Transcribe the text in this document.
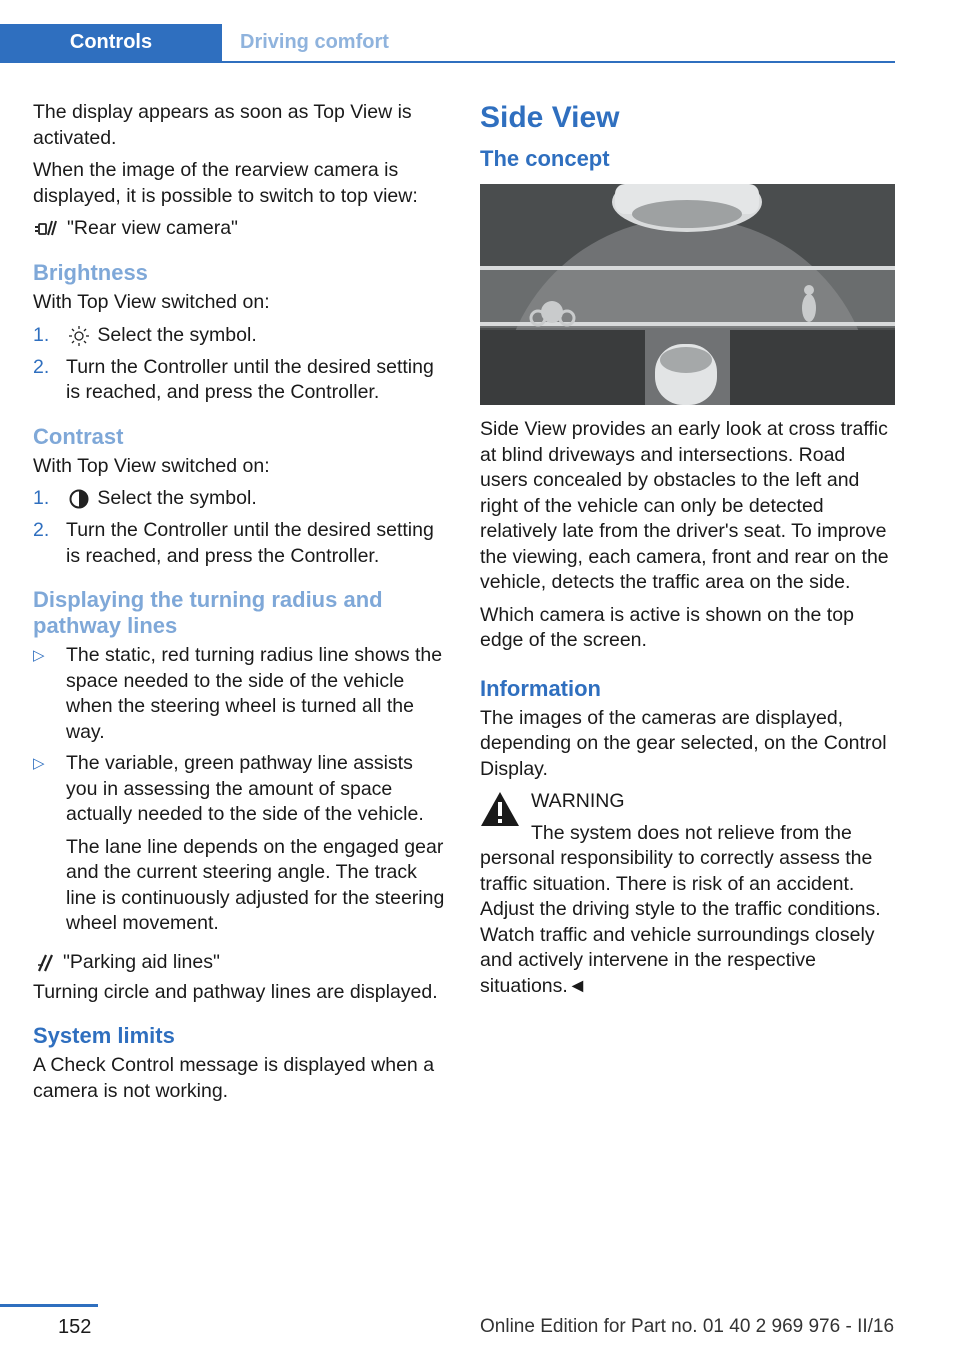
Controls	Driving comfort

The display appears as soon as Top View is activated.

When the image of the rearview camera is displayed, it is possible to switch to top view:

"Rear view camera"
Brightness

With Top View switched on:

1.	Select the symbol.
2. Turn the Controller until the desired setting is reached, and press the Controller.
Contrast

With Top View switched on:

1.	Select the symbol.
2. Turn the Controller until the desired setting is reached, and press the Controller.
Displaying the turning radius and pathway lines
▷	The static, red turning radius line shows the space needed to the side of the vehicle when the steering wheel is turned all the way.
▷	The variable, green pathway line assists you in assessing the amount of space actually needed to the side of the vehicle.

The lane line depends on the engaged gear and the current steering angle. The track line is continuously adjusted for the steering wheel movement.

"Parking aid lines"

Turning circle and pathway lines are displayed.

System limits

A Check Control message is displayed when a camera is not working.

Side View
The concept

Side View provides an early look at cross traffic at blind driveways and intersections. Road users concealed by obstacles to the left and right of the vehicle can only be detected relatively late from the driver's seat. To improve the viewing, each camera, front and rear on the vehicle, detects the traffic area on the side.

Which camera is active is shown on the top edge of the screen.

Information

The images of the cameras are displayed, depending on the gear selected, on the Control Display.

WARNING

The system does not relieve from the
personal responsibility to correctly assess the traffic situation. There is risk of an accident. Adjust the driving style to the traffic conditions. Watch traffic and vehicle surroundings closely and actively intervene in the respective situations.◄
152	Online Edition for Part no. 01 40 2 969 976 - II/16
